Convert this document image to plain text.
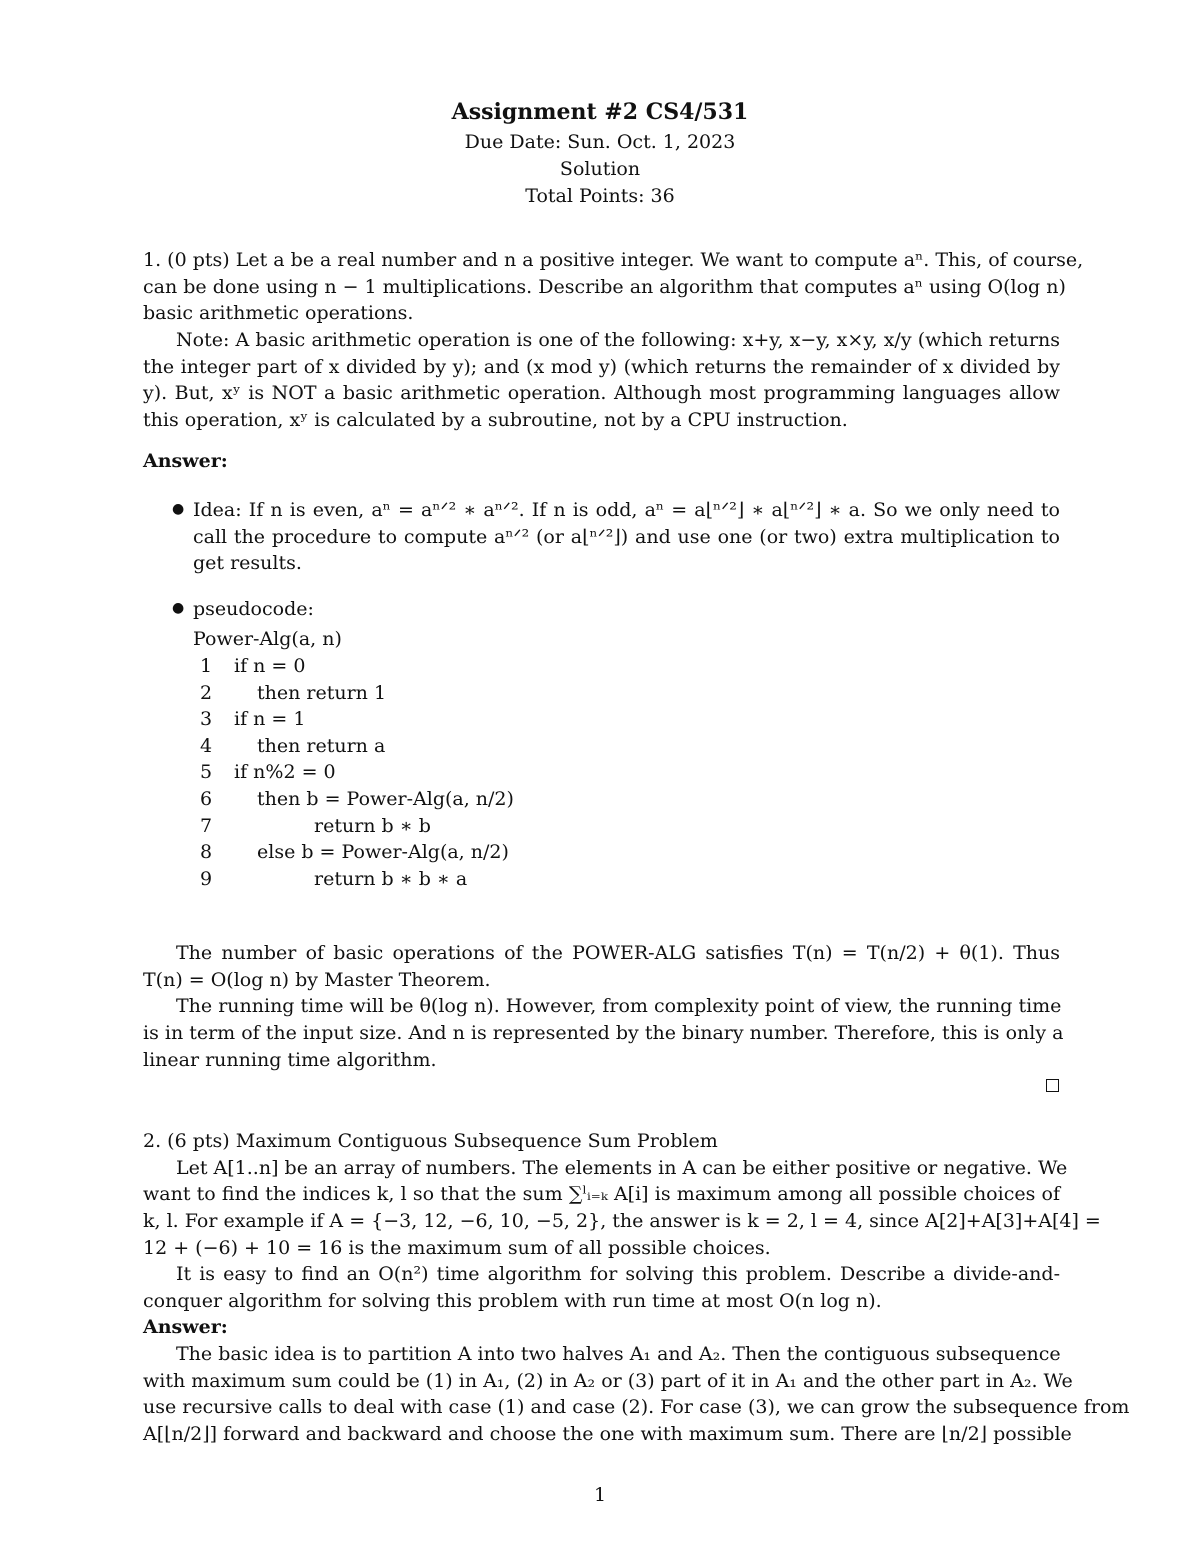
Assignment #2 CS4/531
Due Date: Sun. Oct. 1, 2023
Solution
Total Points: 36
1. (0 pts) Let a be a real number and n a positive integer. We want to compute aⁿ. This, of course,
can be done using n − 1 multiplications. Describe an algorithm that computes aⁿ using O(log n)
basic arithmetic operations.
Note: A basic arithmetic operation is one of the following: x+y, x−y, x×y, x/y (which returns
the integer part of x divided by y); and (x mod y) (which returns the remainder of x divided by
y). But, xʸ is NOT a basic arithmetic operation. Although most programming languages allow
this operation, xʸ is calculated by a subroutine, not by a CPU instruction.
Answer:
● Idea: If n is even, aⁿ = aⁿᐟ² ∗ aⁿᐟ². If n is odd, aⁿ = a⌊ⁿᐟ²⌋ ∗ a⌊ⁿᐟ²⌋ ∗ a. So we only need to
call the procedure to compute aⁿᐟ² (or a⌊ⁿᐟ²⌋) and use one (or two) extra multiplication to
get results.
● pseudocode:
Power-Alg(a, n)
1 if n = 0
2 then return 1
3 if n = 1
4 then return a
5 if n%2 = 0
6 then b = Power-Alg(a, n/2)
7	return b ∗ b
8 else b = Power-Alg(a, n/2)
9	return b ∗ b ∗ a
The number of basic operations of the POWER-ALG satisfies T(n) = T(n/2) + θ(1). Thus
T(n) = O(log n) by Master Theorem.
The running time will be θ(log n). However, from complexity point of view, the running time
is in term of the input size. And n is represented by the binary number. Therefore, this is only a
linear running time algorithm.
2. (6 pts) Maximum Contiguous Subsequence Sum Problem
Let A[1..n] be an array of numbers. The elements in A can be either positive or negative. We
want to find the indices k, l so that the sum ∑ˡᵢ₌ₖ A[i] is maximum among all possible choices of
k, l. For example if A = {−3, 12, −6, 10, −5, 2}, the answer is k = 2, l = 4, since A[2]+A[3]+A[4] =
12 + (−6) + 10 = 16 is the maximum sum of all possible choices.
It is easy to find an O(n²) time algorithm for solving this problem. Describe a divide-and-
conquer algorithm for solving this problem with run time at most O(n log n).
Answer:
The basic idea is to partition A into two halves A₁ and A₂. Then the contiguous subsequence
with maximum sum could be (1) in A₁, (2) in A₂ or (3) part of it in A₁ and the other part in A₂. We
use recursive calls to deal with case (1) and case (2). For case (3), we can grow the subsequence from
A[⌊n/2⌋] forward and backward and choose the one with maximum sum. There are ⌊n/2⌋ possible
1
